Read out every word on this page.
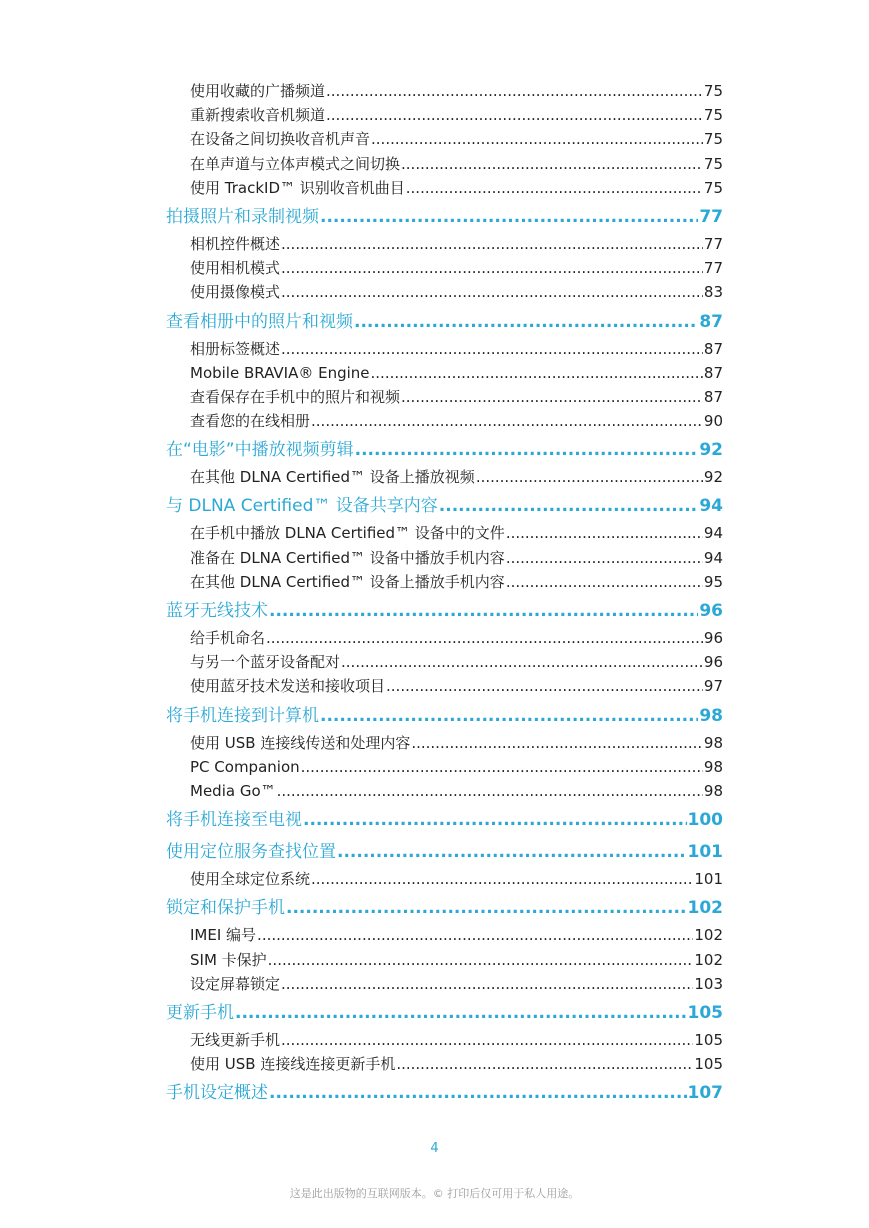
使用收藏的广播频道 .....	75
重新搜索收音机频道 .....	75
在设备之间切换收音机声音 .....	75
在单声道与立体声模式之间切换 .....	75
使用 TrackID™ 识别收音机曲目 .....	75
拍摄照片和录制视频 .....	77
相机控件概述 .....	77
使用相机模式 .....	77
使用摄像模式 .....	83
查看相册中的照片和视频 .....	87
相册标签概述 .....	87
Mobile BRAVIA® Engine .....	87
查看保存在手机中的照片和视频 .....	87
查看您的在线相册 .....	90
在“电影”中播放视频剪辑 .....	92
在其他 DLNA Certified™ 设备上播放视频 .....	92
与 DLNA Certified™ 设备共享内容 .....	94
在手机中播放 DLNA Certified™ 设备中的文件 .....	94
准备在 DLNA Certified™ 设备中播放手机内容 .....	94
在其他 DLNA Certified™ 设备上播放手机内容 .....	95
蓝牙无线技术 .....	96
给手机命名 .....	96
与另一个蓝牙设备配对 .....	96
使用蓝牙技术发送和接收项目 .....	97
将手机连接到计算机 .....	98
使用 USB 连接线传送和处理内容 .....	98
PC Companion .....	98
Media Go™ .....	98
将手机连接至电视 .....	100
使用定位服务查找位置 .....	101
使用全球定位系统 .....	101
锁定和保护手机 .....	102
IMEI 编号 .....	102
SIM 卡保护 .....	102
设定屏幕锁定 .....	103
更新手机 .....	105
无线更新手机 .....	105
使用 USB 连接线连接更新手机 .....	105
手机设定概述 .....	107
4
这是此出版物的互联网版本。© 打印后仅可用于私人用途。
